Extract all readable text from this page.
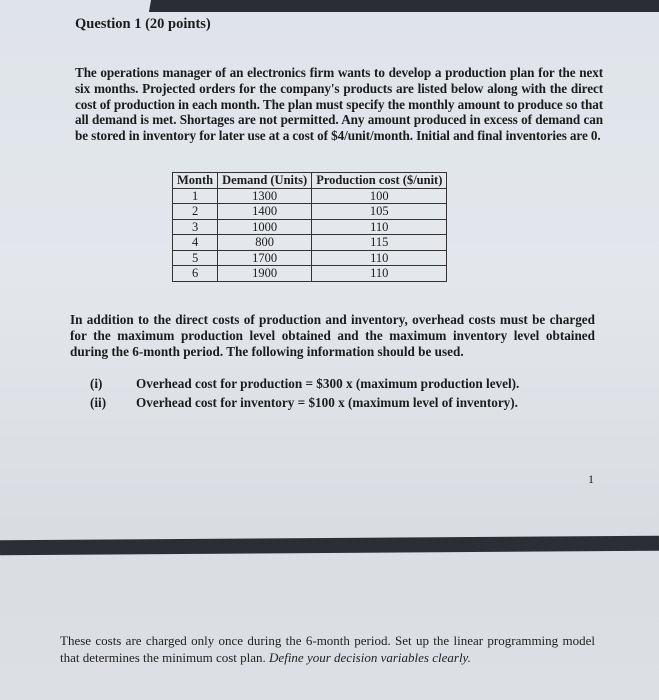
Question 1 (20 points)
The operations manager of an electronics firm wants to develop a production plan for the next six months. Projected orders for the company's products are listed below along with the direct cost of production in each month. The plan must specify the monthly amount to produce so that all demand is met. Shortages are not permitted. Any amount produced in excess of demand can be stored in inventory for later use at a cost of $4/unit/month. Initial and final inventories are 0.
Month	Demand (Units)	Production cost ($/unit)
1	1300	100
2	1400	105
3	1000	110
4	800	115
5	1700	110
6	1900	110
In addition to the direct costs of production and inventory, overhead costs must be charged for the maximum production level obtained and the maximum inventory level obtained during the 6-month period. The following information should be used.
(i)	Overhead cost for production = $300 x (maximum production level).
(ii) Overhead cost for inventory = $100 x (maximum level of inventory).
1
These costs are charged only once during the 6-month period. Set up the linear programming model that determines the minimum cost plan. Define your decision variables clearly.
